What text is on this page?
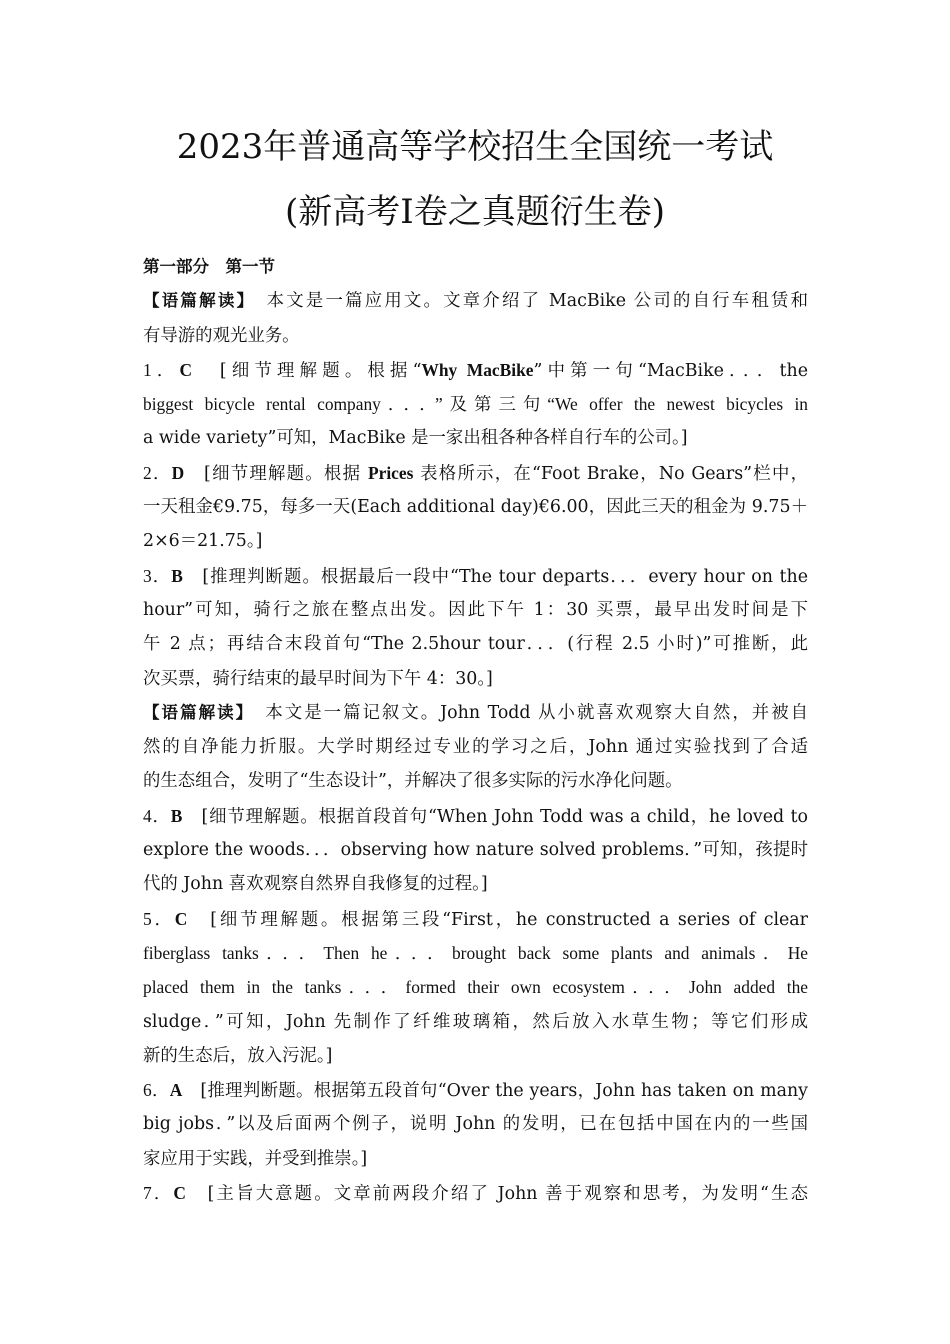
2023年普通高等学校招生全国统一考试
(新高考Ⅰ卷之真题衍生卷)
第一部分　第一节
【语篇解读】　本文是一篇应用文。文章介绍了 MacBike 公司的自行车租赁和
有导游的观光业务。
1．C　[细节理解题。根据“Why MacBike”中第一句“MacBike．．．the
biggest bicycle rental company．．．”及第三句“We offer the newest bicycles in
a wide variety”可知，MacBike 是一家出租各种各样自行车的公司。]
2．D　[细节理解题。根据 Prices 表格所示，在“Foot Brake，No Gears”栏中，
一天租金€9.75，每多一天(Each additional day)€6.00，因此三天的租金为 9.75＋
2×6＝21.75。]
3．B　[推理判断题。根据最后一段中“The tour departs．．．every hour on the
hour”可知，骑行之旅在整点出发。因此下午 1：30 买票，最早出发时间是下
午 2 点；再结合末段首句“The 2.5hour tour．．．(行程 2.5 小时)”可推断，此
次买票，骑行结束的最早时间为下午 4：30。]
【语篇解读】　本文是一篇记叙文。John Todd 从小就喜欢观察大自然，并被自
然的自净能力折服。大学时期经过专业的学习之后，John 通过实验找到了合适
的生态组合，发明了“生态设计”，并解决了很多实际的污水净化问题。
4．B　[细节理解题。根据首段首句“When John Todd was a child，he loved to
explore the woods．．．observing how nature solved problems．”可知，孩提时
代的 John 喜欢观察自然界自我修复的过程。]
5．C　[细节理解题。根据第三段“First，he constructed a series of clear
fiberglass tanks．．．Then he．．．brought back some plants and animals．He
placed them in the tanks．．．formed their own ecosystem．．．John added the
sludge．”可知，John 先制作了纤维玻璃箱，然后放入水草生物；等它们形成
新的生态后，放入污泥。]
6．A　[推理判断题。根据第五段首句“Over the years，John has taken on many
big jobs．”以及后面两个例子，说明 John 的发明，已在包括中国在内的一些国
家应用于实践，并受到推崇。]
7．C　[主旨大意题。文章前两段介绍了 John 善于观察和思考，为发明“生态
